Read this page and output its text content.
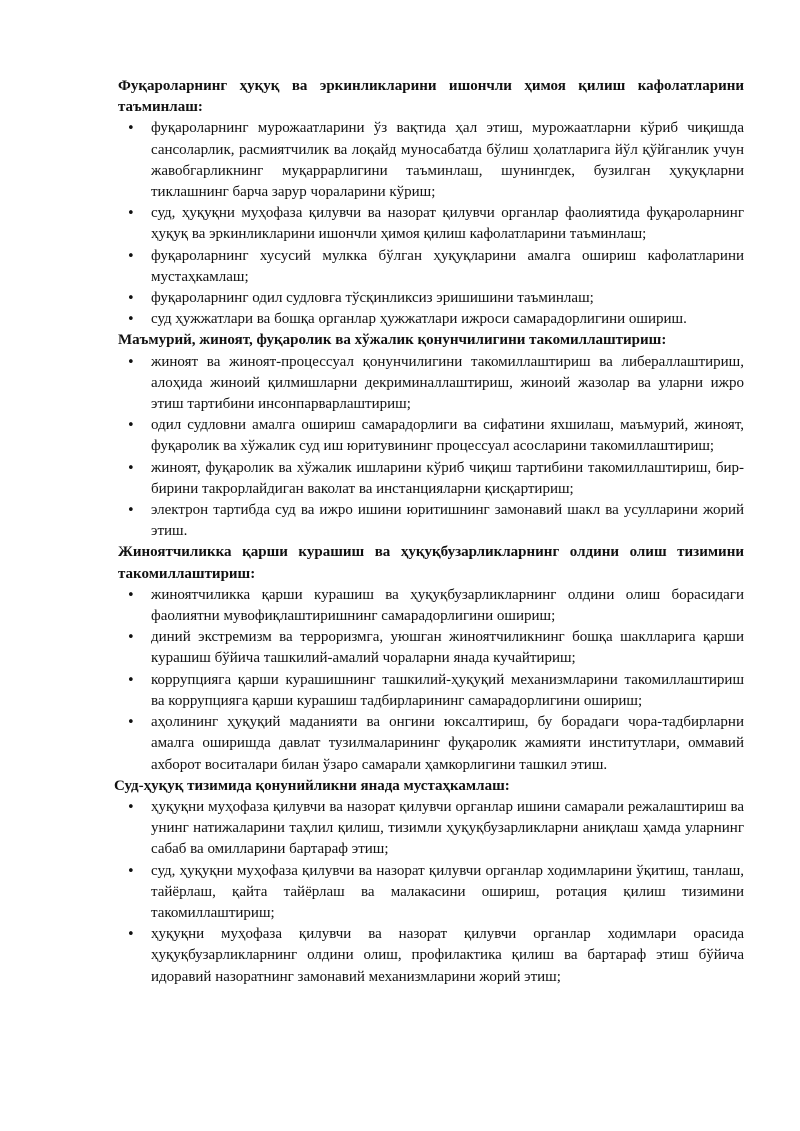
Фуқароларнинг ҳуқуқ ва эркинликларини ишончли ҳимоя қилиш кафолатларини таъминлаш:
• фуқароларнинг мурожаатларини ўз вақтида ҳал этиш, мурожаатларни кўриб чиқишда сансоларлик, расмиятчилик ва лоқайд муносабатда бўлиш ҳолатларига йўл қўйганлик учун жавобгарликнинг муқаррарлигини таъминлаш, шунингдек, бузилган ҳуқуқларни тиклашнинг барча зарур чораларини кўриш;
• суд, ҳуқуқни муҳофаза қилувчи ва назорат қилувчи органлар фаолиятида фуқароларнинг ҳуқуқ ва эркинликларини ишончли ҳимоя қилиш кафолатларини таъминлаш;
• фуқароларнинг хусусий мулкка бўлган ҳуқуқларини амалга ошириш кафолатларини мустаҳкамлаш;
• фуқароларнинг одил судловга тўсқинликсиз эришишини таъминлаш;
• суд ҳужжатлари ва бошқа органлар ҳужжатлари ижроси самарадорлигини ошириш.
Маъмурий, жиноят, фуқаролик ва хўжалик қонунчилигини такомиллаштириш:
• жиноят ва жиноят-процессуал қонунчилигини такомиллаштириш ва либераллаштириш, алоҳида жиноий қилмишларни декриминаллаштириш, жиноий жазолар ва уларни ижро этиш тартибини инсонпарварлаштириш;
• одил судловни амалга ошириш самарадорлиги ва сифатини яхшилаш, маъмурий, жиноят, фуқаролик ва хўжалик суд иш юритувининг процессуал асосларини такомиллаштириш;
• жиноят, фуқаролик ва хўжалик ишларини кўриб чиқиш тартибини такомиллаштириш, бир-бирини такрорлайдиган ваколат ва инстанцияларни қисқартириш;
• электрон тартибда суд ва ижро ишини юритишнинг замонавий шакл ва усулларини жорий этиш.
Жиноятчиликка қарши курашиш ва ҳуқуқбузарликларнинг олдини олиш тизимини такомиллаштириш:
• жиноятчиликка қарши курашиш ва ҳуқуқбузарликларнинг олдини олиш борасидаги фаолиятни мувофиқлаштиришнинг самарадорлигини ошириш;
• диний экстремизм ва терроризмга, уюшган жиноятчиликнинг бошқа шаклларига қарши курашиш бўйича ташкилий-амалий чораларни янада кучайтириш;
• коррупцияга қарши курашишнинг ташкилий-ҳуқуқий механизмларини такомиллаштириш ва коррупцияга қарши курашиш тадбирларининг самарадорлигини ошириш;
• аҳолининг ҳуқуқий маданияти ва онгини юксалтириш, бу борадаги чора-тадбирларни амалга оширишда давлат тузилмаларининг фуқаролик жамияти институтлари, оммавий ахборот воситалари билан ўзаро самарали ҳамкорлигини ташкил этиш.
Суд-ҳуқуқ тизимида қонунийликни янада мустаҳкамлаш:
• ҳуқуқни муҳофаза қилувчи ва назорат қилувчи органлар ишини самарали режалаштириш ва унинг натижаларини таҳлил қилиш, тизимли ҳуқуқбузарликларни аниқлаш ҳамда уларнинг сабаб ва омилларини бартараф этиш;
• суд, ҳуқуқни муҳофаза қилувчи ва назорат қилувчи органлар ходимларини ўқитиш, танлаш, тайёрлаш, қайта тайёрлаш ва малакасини ошириш, ротация қилиш тизимини такомиллаштириш;
• ҳуқуқни муҳофаза қилувчи ва назорат қилувчи органлар ходимлари орасида ҳуқуқбузарликларнинг олдини олиш, профилактика қилиш ва бартараф этиш бўйича идоравий назоратнинг замонавий механизмларини жорий этиш;
